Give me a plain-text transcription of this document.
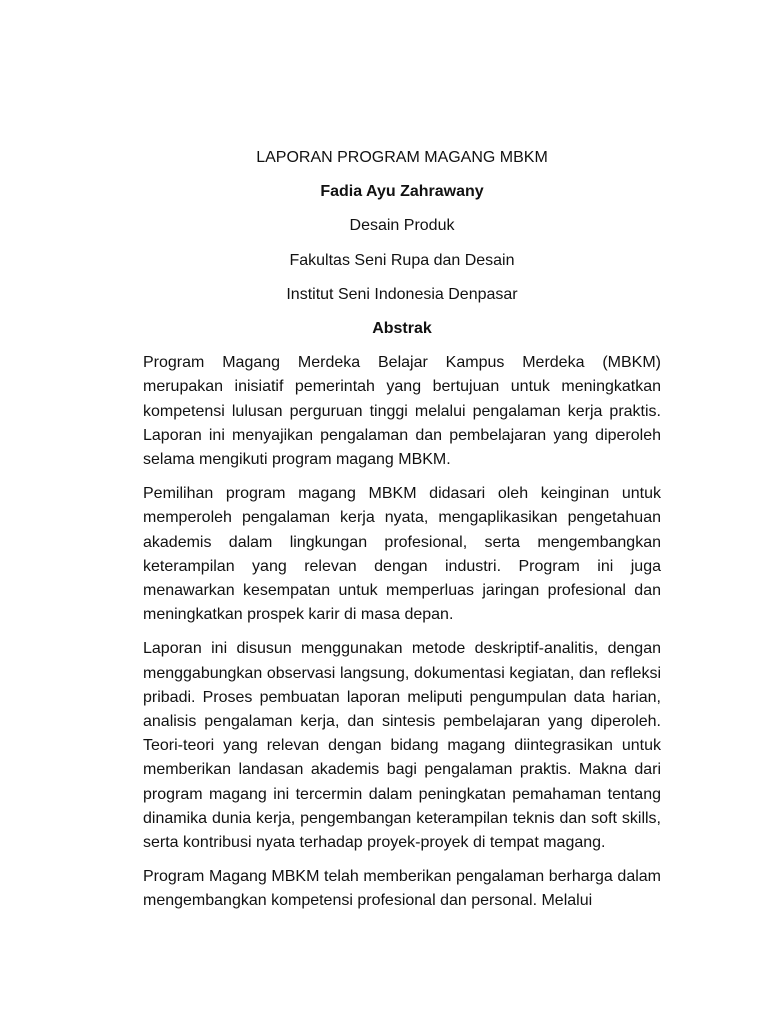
LAPORAN PROGRAM MAGANG MBKM
Fadia Ayu Zahrawany
Desain Produk
Fakultas Seni Rupa dan Desain
Institut Seni Indonesia Denpasar
Abstrak

Program Magang Merdeka Belajar Kampus Merdeka (MBKM) merupakan inisiatif pemerintah yang bertujuan untuk meningkatkan kompetensi lulusan perguruan tinggi melalui pengalaman kerja praktis. Laporan ini menyajikan pengalaman dan pembelajaran yang diperoleh selama mengikuti program magang MBKM.

Pemilihan program magang MBKM didasari oleh keinginan untuk memperoleh pengalaman kerja nyata, mengaplikasikan pengetahuan akademis dalam lingkungan profesional, serta mengembangkan keterampilan yang relevan dengan industri. Program ini juga menawarkan kesempatan untuk memperluas jaringan profesional dan meningkatkan prospek karir di masa depan.

Laporan ini disusun menggunakan metode deskriptif-analitis, dengan menggabungkan observasi langsung, dokumentasi kegiatan, dan refleksi pribadi. Proses pembuatan laporan meliputi pengumpulan data harian, analisis pengalaman kerja, dan sintesis pembelajaran yang diperoleh. Teori-teori yang relevan dengan bidang magang diintegrasikan untuk memberikan landasan akademis bagi pengalaman praktis. Makna dari program magang ini tercermin dalam peningkatan pemahaman tentang dinamika dunia kerja, pengembangan keterampilan teknis dan soft skills, serta kontribusi nyata terhadap proyek-proyek di tempat magang.

Program Magang MBKM telah memberikan pengalaman berharga dalam mengembangkan kompetensi profesional dan personal. Melalui
